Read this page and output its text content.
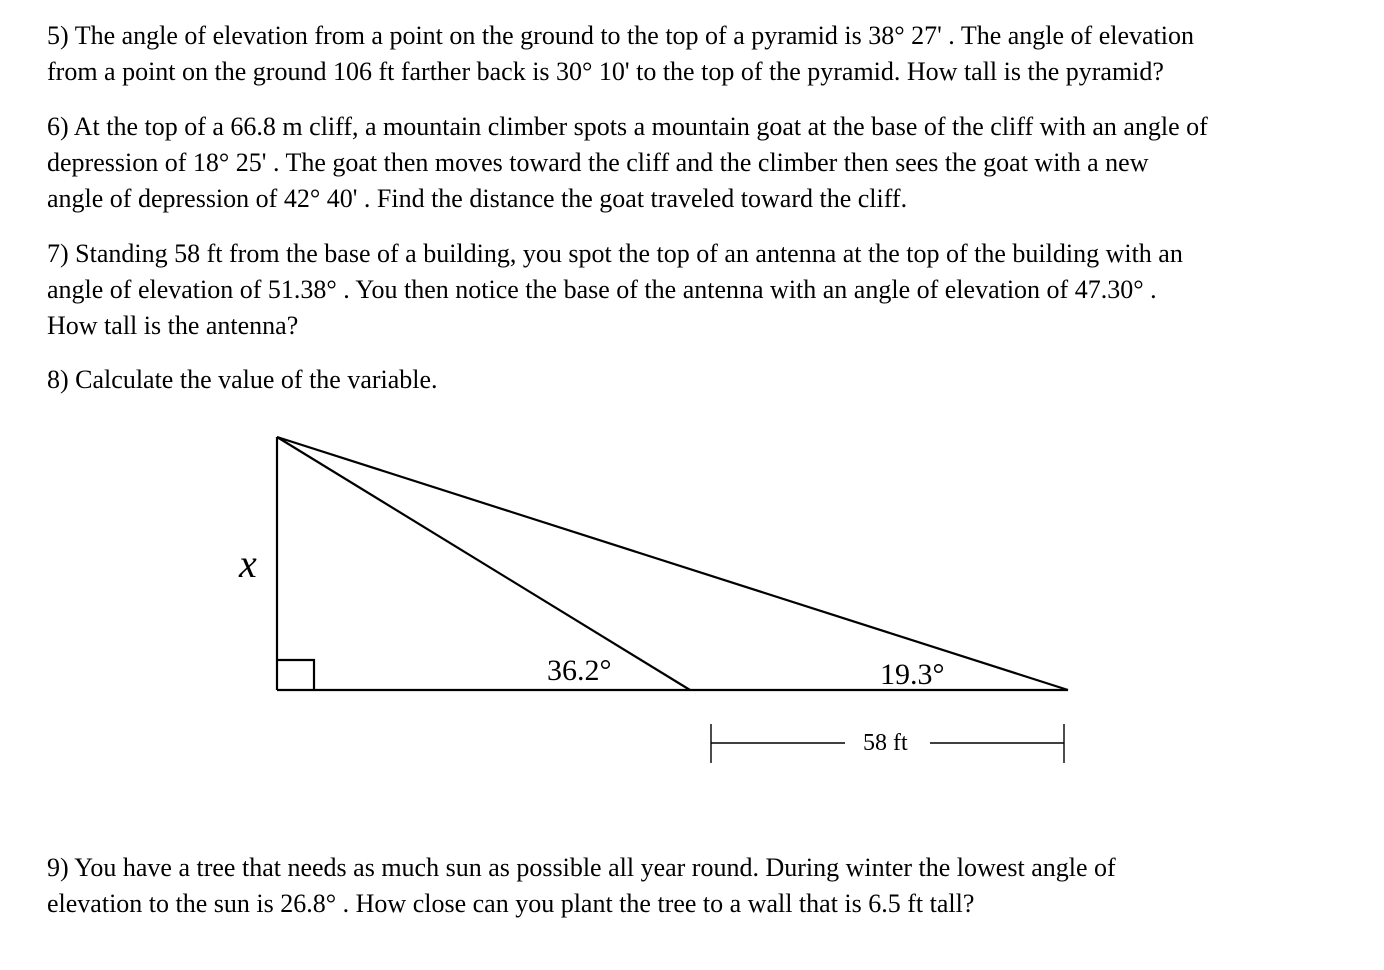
5) The angle of elevation from a point on the ground to the top of a pyramid is 38° 27' . The angle of elevation

from a point on the ground 106 ft farther back is 30° 10' to the top of the pyramid. How tall is the pyramid?

6) At the top of a 66.8 m cliff, a mountain climber spots a mountain goat at the base of the cliff with an angle of

depression of 18° 25' . The goat then moves toward the cliff and the climber then sees the goat with a new

angle of depression of 42° 40' . Find the distance the goat traveled toward the cliff.

7) Standing 58 ft from the base of a building, you spot the top of an antenna at the top of the building with an

angle of elevation of 51.38° . You then notice the base of the antenna with an angle of elevation of 47.30° .

How tall is the antenna?

8) Calculate the value of the variable.

x
36.2°	19.3°
58 ft

9) You have a tree that needs as much sun as possible all year round. During winter the lowest angle of

elevation to the sun is 26.8° . How close can you plant the tree to a wall that is 6.5 ft tall?
